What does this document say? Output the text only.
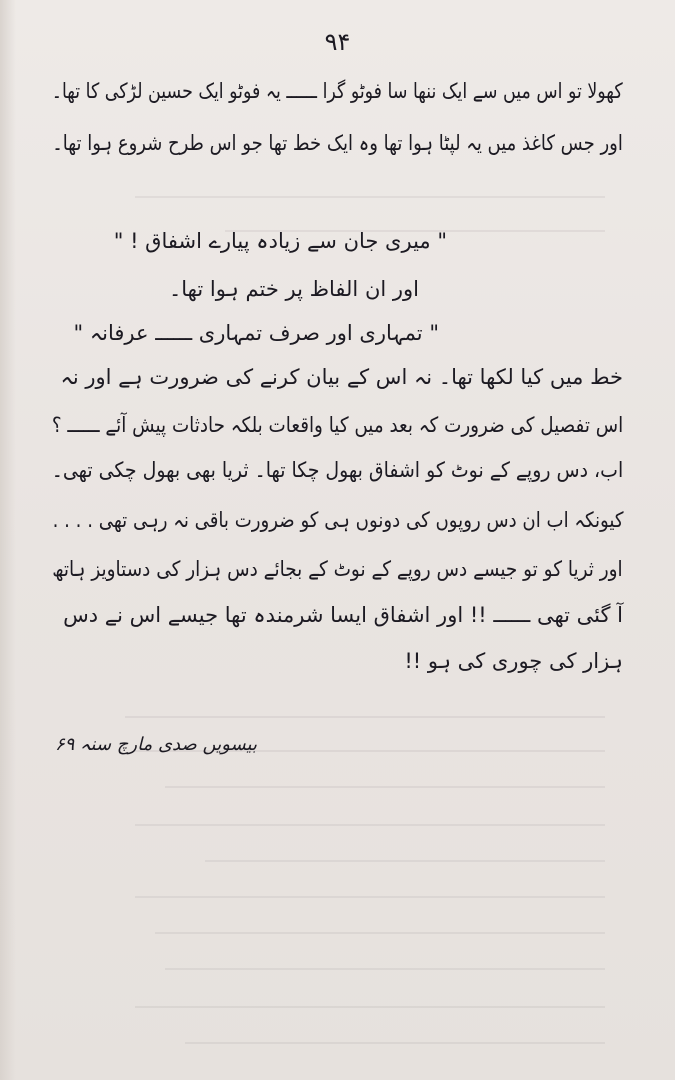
۹۴
کھولا تو اس میں سے ایک ننھا سا فوٹو گرا ــــــ یہ فوٹو ایک حسین لڑکی کا تھا۔
اور جس کاغذ میں یہ لپٹا ہوا تھا وہ ایک خط تھا جو اس طرح شروع ہوا تھا۔
" میری جان سے زیادہ پیارے اشفاق ! "
اور ان الفاظ پر ختم ہوا تھا۔
" تمہاری اور صرف تمہاری ــــــ عرفانہ "
خط میں کیا لکھا تھا۔ نہ اس کے بیان کرنے کی ضرورت ہے اور نہ
اس تفصیل کی ضرورت کہ بعد میں کیا واقعات بلکہ حادثات پیش آئے ــــــ ؟
اب، دس روپے کے نوٹ کو اشفاق بھول چکا تھا۔ ثریا بھی بھول چکی تھی۔
کیونکہ اب ان دس روپوں کی دونوں ہی کو ضرورت باقی نہ رہی تھی . . . .
اور ثریا کو تو جیسے دس روپے کے نوٹ کے بجائے دس ہزار کی دستاویز ہاتھ
آ گئی تھی ــــــ !! اور اشفاق ایسا شرمندہ تھا جیسے اس نے دس
ہزار کی چوری کی ہو !!
بیسویں صدی مارچ سنہ ۶۹
